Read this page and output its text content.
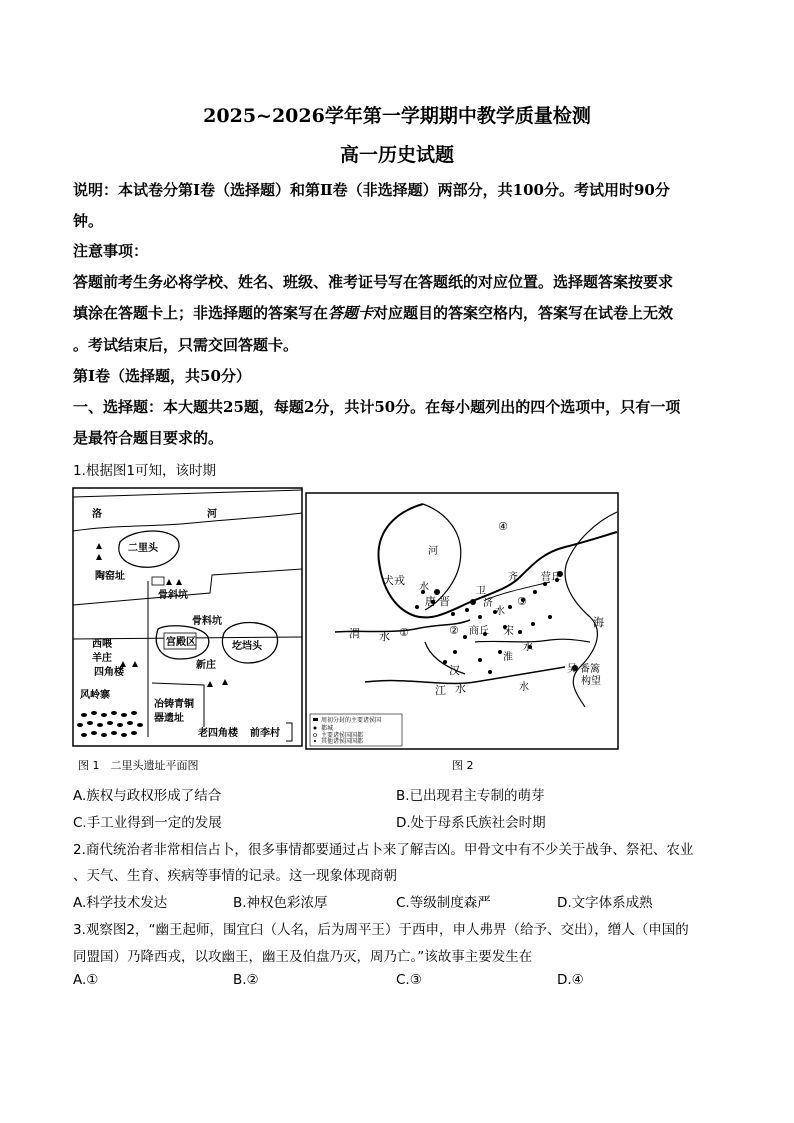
2025~2026学年第一学期期中教学质量检测
高一历史试题
说明：本试卷分第Ⅰ卷（选择题）和第Ⅱ卷（非选择题）两部分，共100分。考试用时90分
钟。
注意事项：
答题前考生务必将学校、姓名、班级、准考证号写在答题纸的对应位置。选择题答案按要求
填涂在答题卡上；非选择题的答案写在答题卡对应题目的答案空格内，答案写在试卷上无效
。考试结束后，只需交回答题卡。
第Ⅰ卷（选择题，共50分）
一、选择题：本大题共25题，每题2分，共计50分。在每小题列出的四个选项中，只有一项
是最符合题目要求的。
1.根据图1可知，该时期
洛	河
二里头
陶窑址
骨斜坑
骨料坑
宫殿区	圪垱头
西喂
羊庄
四角楼
新庄
风岭寨
冶铸青铜
器遗址
老四角楼 前李村
图 1　二里头遗址平面图
犬戎
河
水
唐 晋	济
卫
水
③
④
齐 营丘
渭 水 ①	② 商丘 宋
海
水
淮
汉
江 水	水
吴 番篱
构望
周初分封的主要诸侯国
都城
主要诸侯国国都
其他诸侯国国都
图 2
A.族权与政权形成了结合	B.已出现君主专制的萌芽
C.手工业得到一定的发展	D.处于母系氏族社会时期
2.商代统治者非常相信占卜，很多事情都要通过占卜来了解吉凶。甲骨文中有不少关于战争、祭祀、农业
、天气、生育、疾病等事情的记录。这一现象体现商朝
A.科学技术发达	B.神权色彩浓厚	C.等级制度森严	D.文字体系成熟
3.观察图2，“幽王起师，围宜臼（人名，后为周平王）于西申，申人弗畀（给予、交出），缯人（申国的
同盟国）乃降西戎，以攻幽王，幽王及伯盘乃灭，周乃亡。”该故事主要发生在
A.①	B.②	C.③	D.④
